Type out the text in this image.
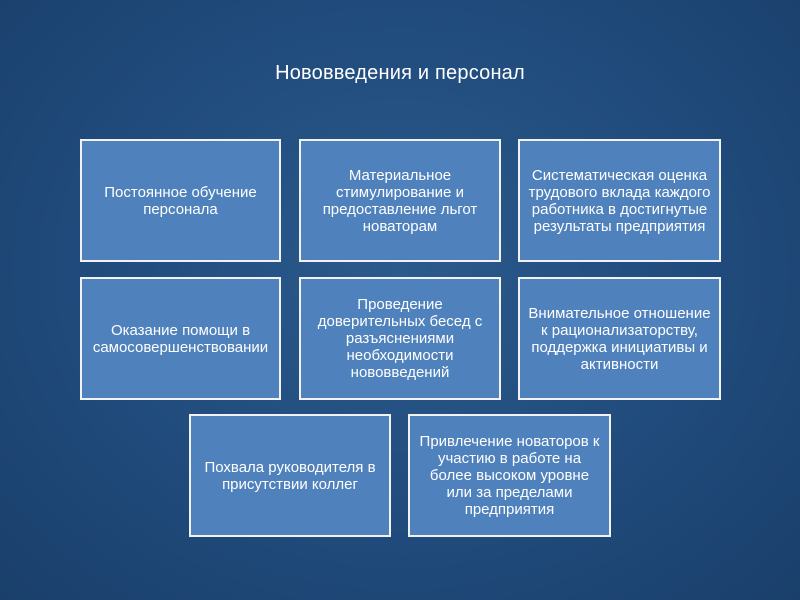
Нововведения и персонал
Постоянное обучение персонала
Материальное стимулирование и предоставление льгот новаторам
Систематическая оценка трудового вклада каждого работника в достигнутые результаты предприятия
Оказание помощи в самосовершенствовании
Проведение доверительных бесед с разъяснениями необходимости нововведений
Внимательное отношение к рационализаторству, поддержка инициативы и активности
Похвала руководителя в присутствии коллег
Привлечение новаторов к участию в работе на более высоком уровне или за пределами предприятия
